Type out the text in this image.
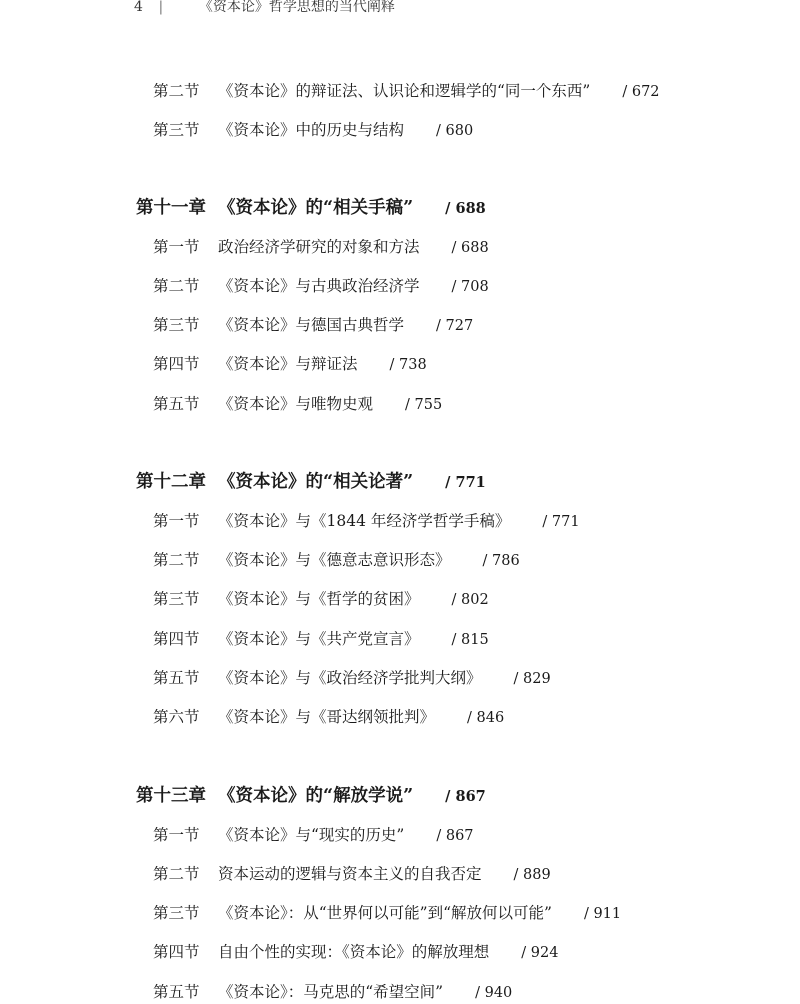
4 |	《资本论》哲学思想的当代阐释
第二节 《资本论》的辩证法、认识论和逻辑学的“同一个东西” / 672
第三节 《资本论》中的历史与结构 / 680
第十一章 《资本论》的“相关手稿” / 688
第一节 政治经济学研究的对象和方法 / 688
第二节 《资本论》与古典政治经济学 / 708
第三节 《资本论》与德国古典哲学 / 727
第四节 《资本论》与辩证法 / 738
第五节 《资本论》与唯物史观 / 755
第十二章 《资本论》的“相关论著” / 771
第一节 《资本论》与《1844 年经济学哲学手稿》 / 771
第二节 《资本论》与《德意志意识形态》 / 786
第三节 《资本论》与《哲学的贫困》 / 802
第四节 《资本论》与《共产党宣言》 / 815
第五节 《资本论》与《政治经济学批判大纲》 / 829
第六节 《资本论》与《哥达纲领批判》 / 846
第十三章 《资本论》的“解放学说” / 867
第一节 《资本论》与“现实的历史” / 867
第二节 资本运动的逻辑与资本主义的自我否定 / 889
第三节 《资本论》：从“世界何以可能”到“解放何以可能” / 911
第四节 自由个性的实现：《资本论》的解放理想 / 924
第五节 《资本论》：马克思的“希望空间” / 940
